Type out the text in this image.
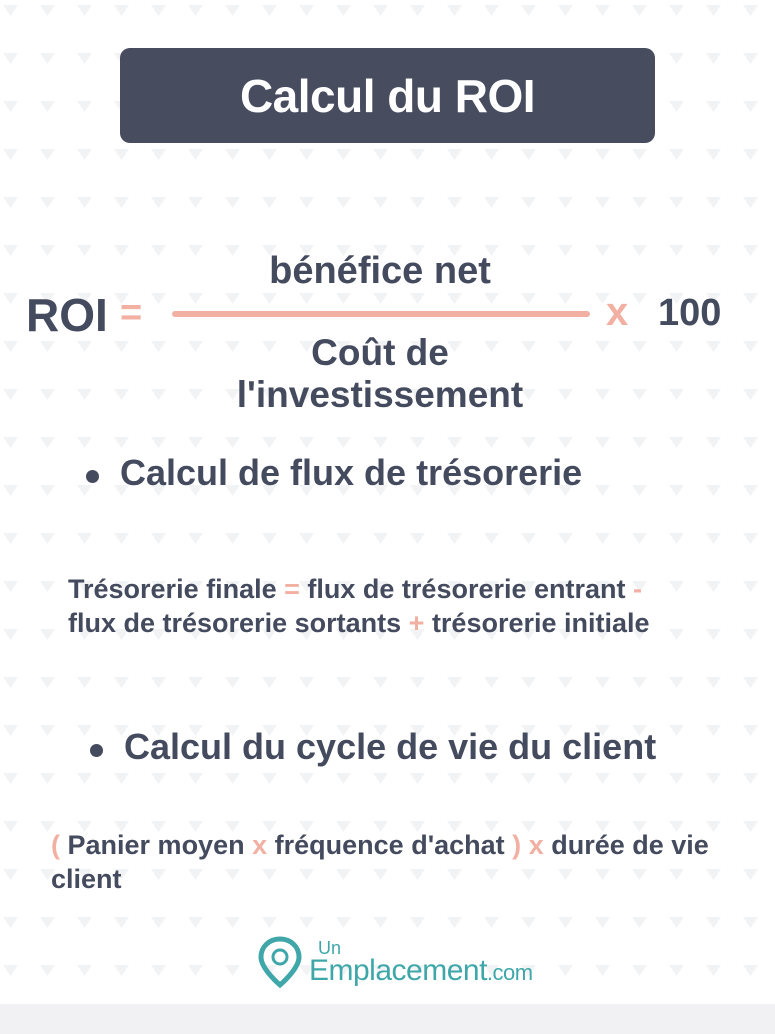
Calcul du ROI
ROI =
bénéfice net
Coût de l'investissement
x 100
Calcul de flux de trésorerie
Trésorerie finale = flux de trésorerie entrant -
flux de trésorerie sortants + trésorerie initiale
Calcul du cycle de vie du client
( Panier moyen x fréquence d'achat ) x durée de vie
client
Un
Emplacement.com
